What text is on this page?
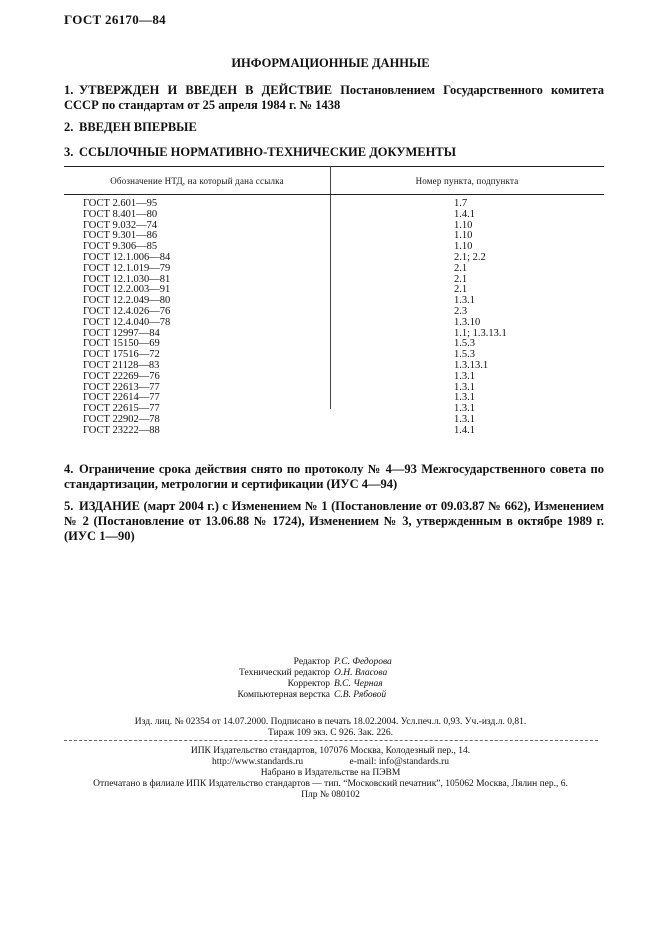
ГОСТ 26170—84
ИНФОРМАЦИОННЫЕ ДАННЫЕ
1. УТВЕРЖДЕН И ВВЕДЕН В ДЕЙСТВИЕ Постановлением Государственного комитета СССР по стандартам от 25 апреля 1984 г. № 1438
2. ВВЕДЕН ВПЕРВЫЕ
3. ССЫЛОЧНЫЕ НОРМАТИВНО-ТЕХНИЧЕСКИЕ ДОКУМЕНТЫ
Обозначение НТД, на который дана ссылка	Номер пункта, подпункта
ГОСТ 2.601—95	1.7
ГОСТ 8.401—80	1.4.1
ГОСТ 9.032—74	1.10
ГОСТ 9.301—86	1.10
ГОСТ 9.306—85	1.10
ГОСТ 12.1.006—84	2.1; 2.2
ГОСТ 12.1.019—79	2.1
ГОСТ 12.1.030—81	2.1
ГОСТ 12.2.003—91	2.1
ГОСТ 12.2.049—80	1.3.1
ГОСТ 12.4.026—76	2.3
ГОСТ 12.4.040—78	1.3.10
ГОСТ 12997—84	1.1; 1.3.13.1
ГОСТ 15150—69	1.5.3
ГОСТ 17516—72	1.5.3
ГОСТ 21128—83	1.3.13.1
ГОСТ 22269—76	1.3.1
ГОСТ 22613—77	1.3.1
ГОСТ 22614—77	1.3.1
ГОСТ 22615—77	1.3.1
ГОСТ 22902—78	1.3.1
ГОСТ 23222—88	1.4.1
4. Ограничение срока действия снято по протоколу № 4—93 Межгосударственного совета по стандартизации, метрологии и сертификации (ИУС 4—94)
5. ИЗДАНИЕ (март 2004 г.) с Изменением № 1 (Постановление от 09.03.87 № 662), Изменением № 2 (Постановление от 13.06.88 № 1724), Изменением № 3, утвержденным в октябре 1989 г. (ИУС 1—90)
Редактор Р.С. Федорова
Технический редактор О.Н. Власова
Корректор В.С. Черная
Компьютерная верстка С.В. Рябовой
Изд. лиц. № 02354 от 14.07.2000. Подписано в печать 18.02.2004. Усл.печ.л. 0,93. Уч.-изд.л. 0,81.
Тираж 109 экз. С 926. Зак. 226.
ИПК Издательство стандартов, 107076 Москва, Колодезный пер., 14.
http://www.standards.ru	e-mail: info@standards.ru
Набрано в Издательстве на ПЭВМ
Отпечатано в филиале ИПК Издательство стандартов — тип. “Московский печатник”, 105062 Москва, Лялин пер., 6.
Плр № 080102
